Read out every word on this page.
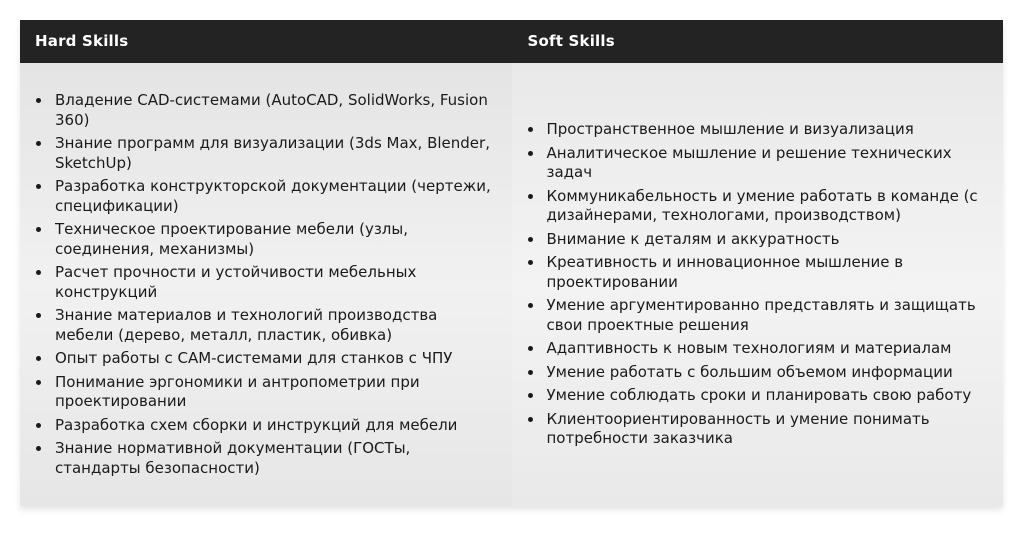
Hard Skills	Soft Skills
Владение CAD-системами (AutoCAD, SolidWorks, Fusion 360)
Знание программ для визуализации (3ds Max, Blender, SketchUp)
Разработка конструкторской документации (чертежи, спецификации)
Техническое проектирование мебели (узлы, соединения, механизмы)
Расчет прочности и устойчивости мебельных конструкций
Знание материалов и технологий производства мебели (дерево, металл, пластик, обивка)
Опыт работы с CAM-системами для станков с ЧПУ
Понимание эргономики и антропометрии при проектировании
Разработка схем сборки и инструкций для мебели
Знание нормативной документации (ГОСТы, стандарты безопасности)
Пространственное мышление и визуализация
Аналитическое мышление и решение технических задач
Коммуникабельность и умение работать в команде (с дизайнерами, технологами, производством)
Внимание к деталям и аккуратность
Креативность и инновационное мышление в проектировании
Умение аргументированно представлять и защищать свои проектные решения
Адаптивность к новым технологиям и материалам
Умение работать с большим объемом информации
Умение соблюдать сроки и планировать свою работу
Клиентоориентированность и умение понимать потребности заказчика
